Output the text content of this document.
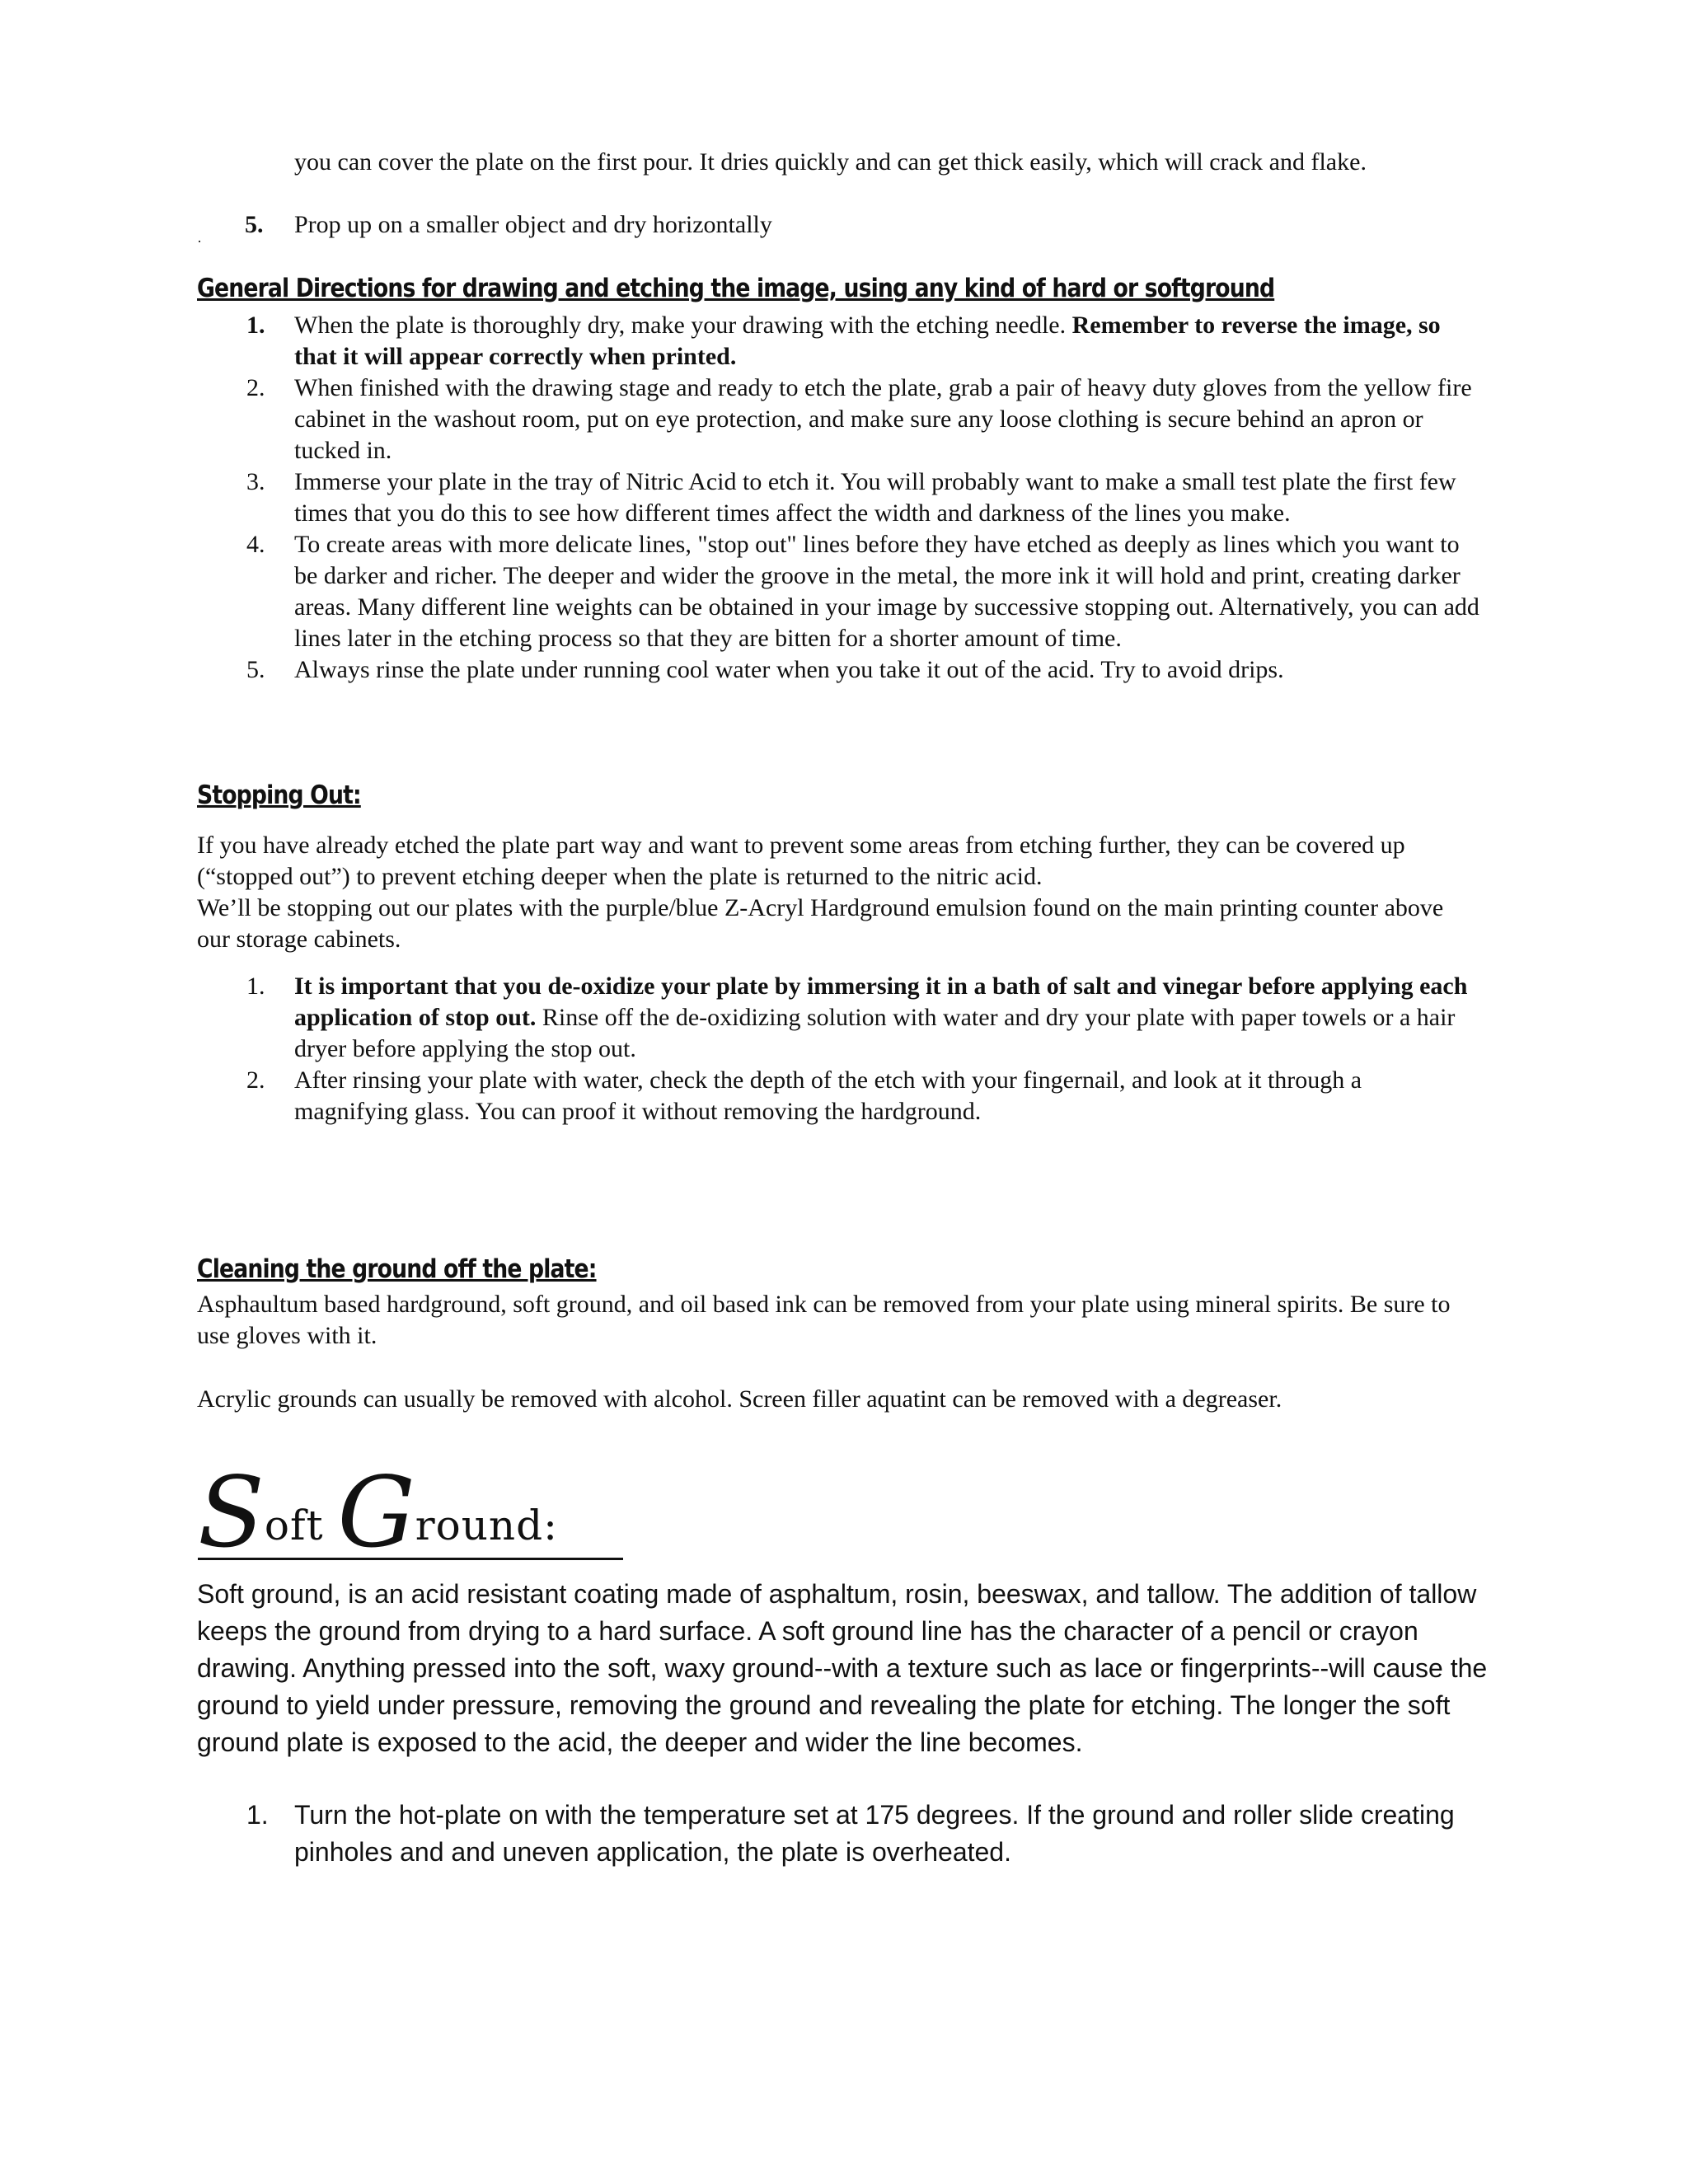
you can cover the plate on the first pour. It dries quickly and can get thick easily, which will crack and flake.

5. Prop up on a smaller object and dry horizontally
·
General Directions for drawing and etching the image, using any kind of hard or softground
1.	When the plate is thoroughly dry, make your drawing with the etching needle. Remember to reverse the image, so that it will appear correctly when printed.
2.	When finished with the drawing stage and ready to etch the plate, grab a pair of heavy duty gloves from the yellow fire cabinet in the washout room, put on eye protection, and make sure any loose clothing is secure behind an apron or tucked in.
3.	Immerse your plate in the tray of Nitric Acid to etch it. You will probably want to make a small test plate the first few times that you do this to see how different times affect the width and darkness of the lines you make.
4.	To create areas with more delicate lines, "stop out" lines before they have etched as deeply as lines which you want to be darker and richer. The deeper and wider the groove in the metal, the more ink it will hold and print, creating darker areas. Many different line weights can be obtained in your image by successive stopping out. Alternatively, you can add lines later in the etching process so that they are bitten for a shorter amount of time.
5.	Always rinse the plate under running cool water when you take it out of the acid. Try to avoid drips.
Stopping Out:

If you have already etched the plate part way and want to prevent some areas from etching further, they can be covered up (“stopped out”) to prevent etching deeper when the plate is returned to the nitric acid.

We’ll be stopping out our plates with the purple/blue Z-Acryl Hardground emulsion found on the main printing counter above our storage cabinets.

1.	It is important that you de-oxidize your plate by immersing it in a bath of salt and vinegar before applying each application of stop out. Rinse off the de-oxidizing solution with water and dry your plate with paper towels or a hair dryer before applying the stop out.
2.	After rinsing your plate with water, check the depth of the etch with your fingernail, and look at it through a magnifying glass. You can proof it without removing the hardground.
Cleaning the ground off the plate:

Asphaultum based hardground, soft ground, and oil based ink can be removed from your plate using mineral spirits. Be sure to use gloves with it.

Acrylic grounds can usually be removed with alcohol. Screen filler aquatint can be removed with a degreaser.

Soft Ground:

Soft ground, is an acid resistant coating made of asphaltum, rosin, beeswax, and tallow. The addition of tallow keeps the ground from drying to a hard surface. A soft ground line has the character of a pencil or crayon drawing. Anything pressed into the soft, waxy ground--with a texture such as lace or fingerprints--will cause the ground to yield under pressure, removing the ground and revealing the plate for etching. The longer the soft ground plate is exposed to the acid, the deeper and wider the line becomes.

1. Turn the hot-plate on with the temperature set at 175 degrees. If the ground and roller slide creating pinholes and and uneven application, the plate is overheated.
